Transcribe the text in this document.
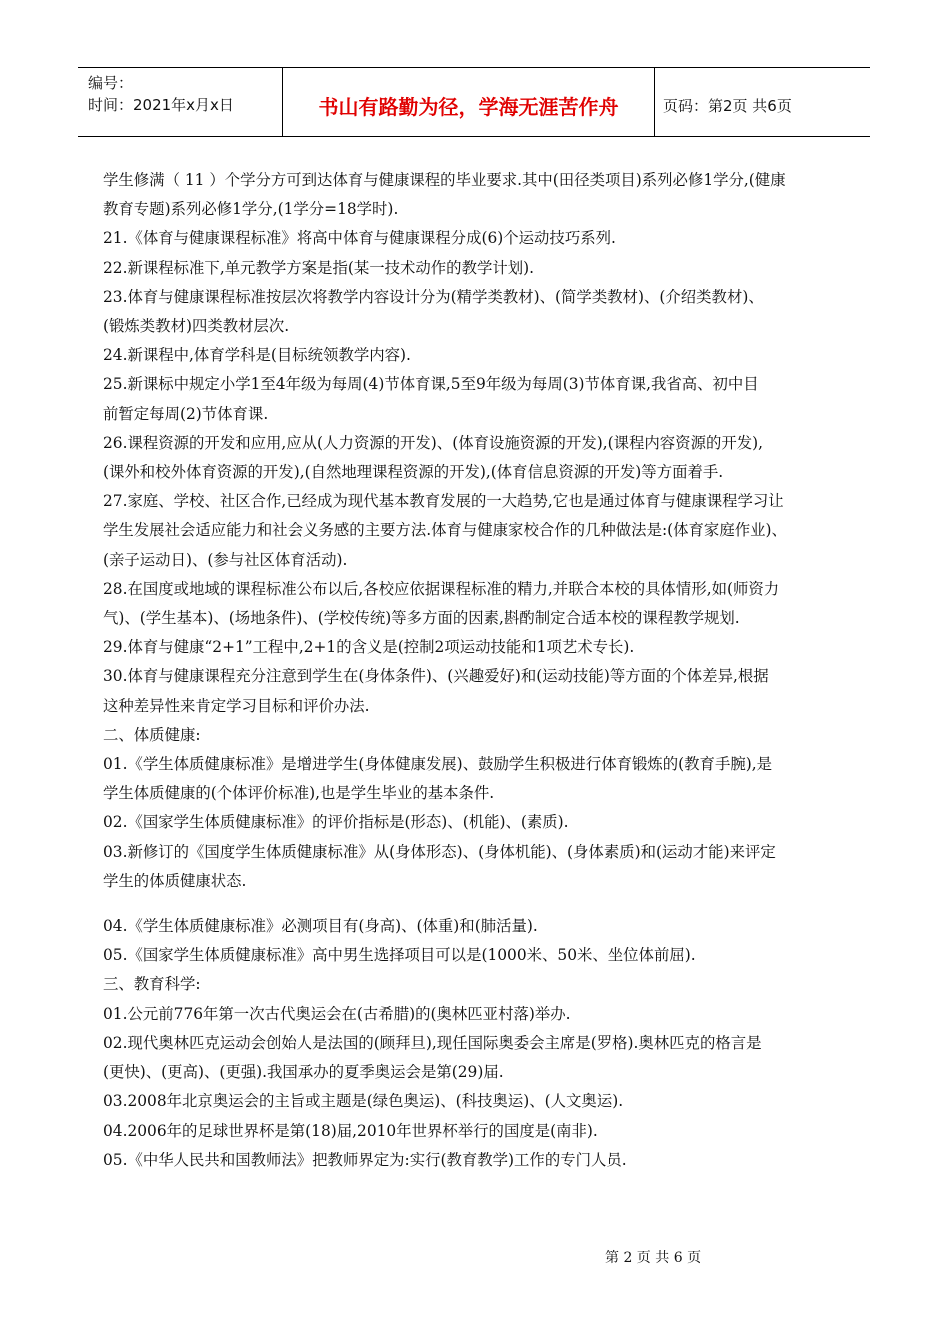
编号：
时间：2021年x月x日	书山有路勤为径，学海无涯苦作舟	页码：第2页 共6页

学生修满（ 11 ）个学分方可到达体育与健康课程的毕业要求.其中(田径类项目)系列必修1学分,(健康

教育专题)系列必修1学分,(1学分=18学时).

21.《体育与健康课程标准》将高中体育与健康课程分成(6)个运动技巧系列.

22.新课程标准下,单元教学方案是指(某一技术动作的教学计划).

23.体育与健康课程标准按层次将教学内容设计分为(精学类教材)、(简学类教材)、(介绍类教材)、

(锻炼类教材)四类教材层次.

24.新课程中,体育学科是(目标统领教学内容).

25.新课标中规定小学1至4年级为每周(4)节体育课,5至9年级为每周(3)节体育课,我省高、初中目

前暂定每周(2)节体育课.

26.课程资源的开发和应用,应从(人力资源的开发)、(体育设施资源的开发),(课程内容资源的开发),

(课外和校外体育资源的开发),(自然地理课程资源的开发),(体育信息资源的开发)等方面着手.

27.家庭、学校、社区合作,已经成为现代基本教育发展的一大趋势,它也是通过体育与健康课程学习让

学生发展社会适应能力和社会义务感的主要方法.体育与健康家校合作的几种做法是:(体育家庭作业)、

(亲子运动日)、(参与社区体育活动).

28.在国度或地域的课程标准公布以后,各校应依据课程标准的精力,并联合本校的具体情形,如(师资力

气)、(学生基本)、(场地条件)、(学校传统)等多方面的因素,斟酌制定合适本校的课程教学规划.

29.体育与健康“2+1”工程中,2+1的含义是(控制2项运动技能和1项艺术专长).

30.体育与健康课程充分注意到学生在(身体条件)、(兴趣爱好)和(运动技能)等方面的个体差异,根据

这种差异性来肯定学习目标和评价办法.

二、体质健康:

01.《学生体质健康标准》是增进学生(身体健康发展)、鼓励学生积极进行体育锻炼的(教育手腕),是

学生体质健康的(个体评价标准),也是学生毕业的基本条件.

02.《国家学生体质健康标准》的评价指标是(形态)、(机能)、(素质).

03.新修订的《国度学生体质健康标准》从(身体形态)、(身体机能)、(身体素质)和(运动才能)来评定

学生的体质健康状态.

04.《学生体质健康标准》必测项目有(身高)、(体重)和(肺活量).

05.《国家学生体质健康标准》高中男生选择项目可以是(1000米、50米、坐位体前屈).

三、教育科学:

01.公元前776年第一次古代奥运会在(古希腊)的(奥林匹亚村落)举办.

02.现代奥林匹克运动会创始人是法国的(顾拜旦),现任国际奥委会主席是(罗格).奥林匹克的格言是

(更快)、(更高)、(更强).我国承办的夏季奥运会是第(29)届.

03.2008年北京奥运会的主旨或主题是(绿色奥运)、(科技奥运)、(人文奥运).

04.2006年的足球世界杯是第(18)届,2010年世界杯举行的国度是(南非).

05.《中华人民共和国教师法》把教师界定为:实行(教育教学)工作的专门人员.

第 2 页 共 6 页
